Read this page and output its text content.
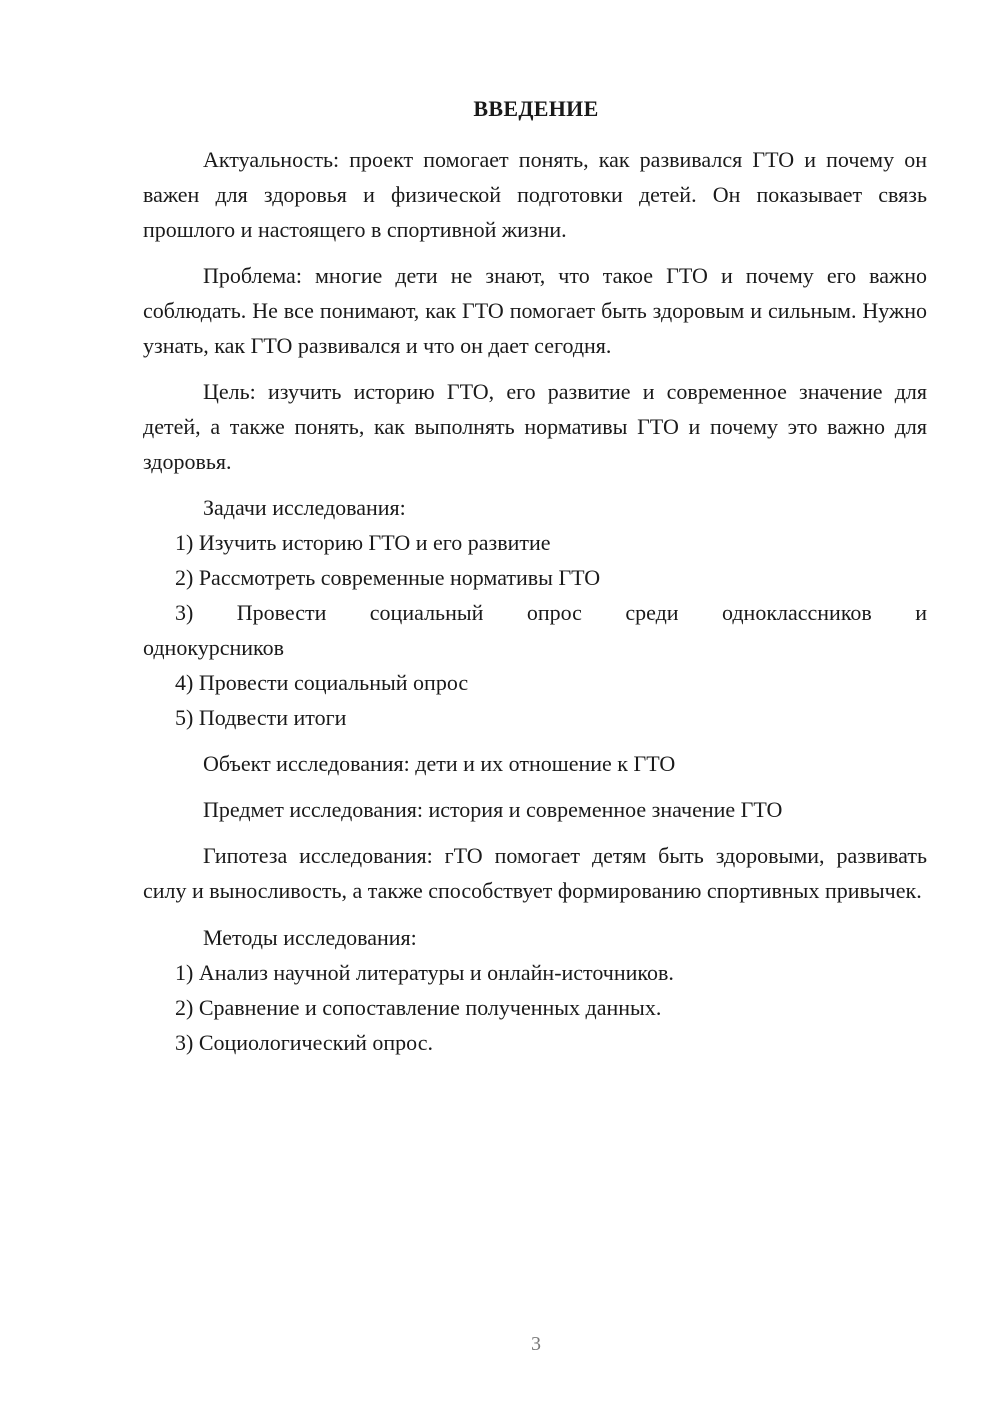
ВВЕДЕНИЕ

Актуальность: проект помогает понять, как развивался ГТО и почему он важен для здоровья и физической подготовки детей. Он показывает связь прошлого и настоящего в спортивной жизни.

Проблема: многие дети не знают, что такое ГТО и почему его важно соблюдать. Не все понимают, как ГТО помогает быть здоровым и сильным. Нужно узнать, как ГТО развивался и что он дает сегодня.

Цель: изучить историю ГТО, его развитие и современное значение для детей, а также понять, как выполнять нормативы ГТО и почему это важно для здоровья.

Задачи исследования:

1) Изучить историю ГТО и его развитие

2) Рассмотреть современные нормативы ГТО

3) Провести социальный опрос среди одноклассников и

однокурсников

4) Провести социальный опрос

5) Подвести итоги

Объект исследования: дети и их отношение к ГТО

Предмет исследования: история и современное значение ГТО

Гипотеза исследования: гТО помогает детям быть здоровыми, развивать силу и выносливость, а также способствует формированию спортивных привычек.

Методы исследования:

1) Анализ научной литературы и онлайн-источников.

2) Сравнение и сопоставление полученных данных.

3) Социологический опрос.

3
